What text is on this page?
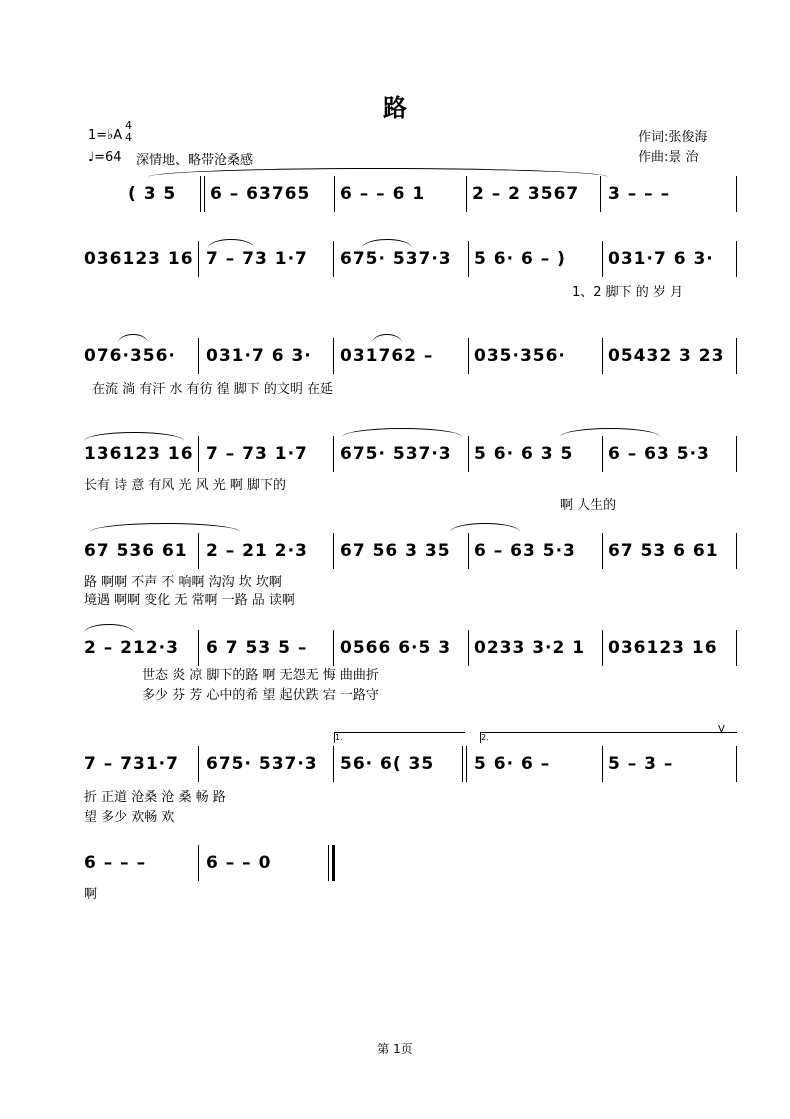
路
1=♭A
4
4
♩=64 深情地、略带沧桑感
作词:张俊海
作曲:景 治
( 3 5 6 – 63765 6 – – 6 1	2 – 2 3567 3 – – –
036123 16 7 – 73 1·7 675· 537·3 5 6· 6 – ) 031·7 6 3·
1、2 脚下 的 岁 月
076·356· 031·7 6 3· 031762 – 035·356· 05432 3 23
在流 淌 有汗 水 有彷 徨 脚下 的文明 在延
136123 16 7 – 73 1·7 675· 537·3 5 6· 6 3 5 6 – 63 5·3
长有 诗 意 有风 光 风 光 啊 脚下的
啊 人生的
67 536 61 2 – 21 2·3 67 56 3 35 6 – 63 5·3 67 53 6 61
路 啊啊 不声 不 响啊 沟沟 坎 坎啊
境遇 啊啊 变化 无 常啊 一路 品 读啊
2 – 212·3 6 7 53 5 – 0566 6·5 3 0233 3·2 1 036123 16
世态 炎 凉 脚下的路 啊 无怨无 悔 曲曲折
多少 芬 芳 心中的希 望 起伏跌 宕 一路守
7 – 731·7 675· 537·3 56· 6( 35 5 6· 6 –	5 – 3 –
1.	2.
V
折 正道 沧桑 沧 桑 畅 路
望 多少 欢畅 欢
6 – – –	6 – – 0
啊
第 1页
